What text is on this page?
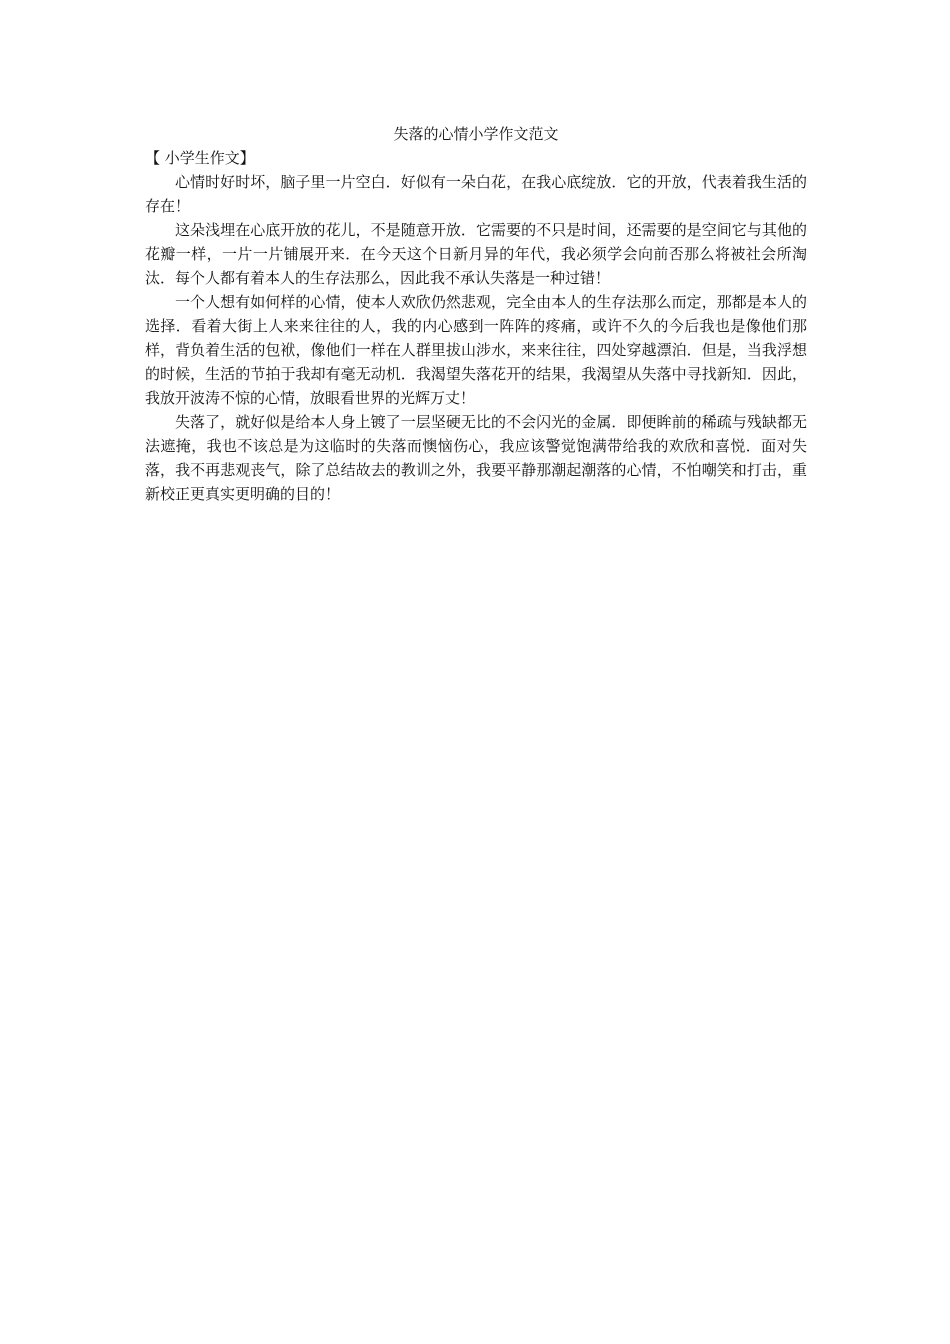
失落的心情小学作文范文

【 小学生作文】

心情时好时坏，脑子里一片空白．好似有一朵白花，在我心底绽放．它的开放，代表着我生活的存在！

这朵浅埋在心底开放的花儿，不是随意开放．它需要的不只是时间，还需要的是空间它与其他的花瓣一样，一片一片铺展开来．在今天这个日新月异的年代，我必须学会向前否那么将被社会所淘汰．每个人都有着本人的生存法那么，因此我不承认失落是一种过错！

一个人想有如何样的心情，使本人欢欣仍然悲观，完全由本人的生存法那么而定，那都是本人的选择．看着大街上人来来往往的人，我的内心感到一阵阵的疼痛，或许不久的今后我也是像他们那样，背负着生活的包袱，像他们一样在人群里拔山涉水，来来往往，四处穿越漂泊．但是，当我浮想的时候，生活的节拍于我却有毫无动机．我渴望失落花开的结果，我渴望从失落中寻找新知．因此，我放开波涛不惊的心情，放眼看世界的光辉万丈！

失落了，就好似是给本人身上镀了一层坚硬无比的不会闪光的金属．即便眸前的稀疏与残缺都无法遮掩，我也不该总是为这临时的失落而懊恼伤心，我应该警觉饱满带给我的欢欣和喜悦．面对失落，我不再悲观丧气，除了总结故去的教训之外，我要平静那潮起潮落的心情，不怕嘲笑和打击，重新校正更真实更明确的目的！
